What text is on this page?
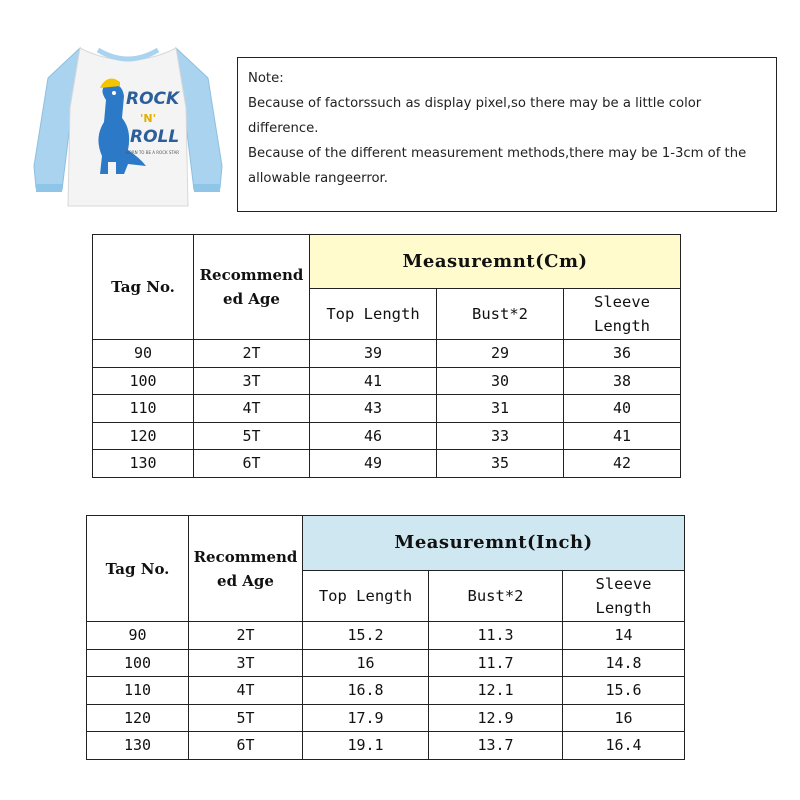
ROCK
'N'
ROLL
BORN TO BE A ROCK STAR

Note:

Because of factorssuch as display pixel,so there may be a little color difference.

Because of the different measurement methods,there may be 1-3cm of the allowable rangeerror.

Tag No.	Recommend ed Age	Measuremnt(Cm)		
		Top Length	Bust*2	Sleeve Length
90	2T	39	29	36
100	3T	41	30	38
110	4T	43	31	40
120	5T	46	33	41
130	6T	49	35	42
Tag No.	Recommend ed Age	Measuremnt(Inch)		
		Top Length	Bust*2	Sleeve Length
90	2T	15.2	11.3	14
100	3T	16	11.7	14.8
110	4T	16.8	12.1	15.6
120	5T	17.9	12.9	16
130	6T	19.1	13.7	16.4
